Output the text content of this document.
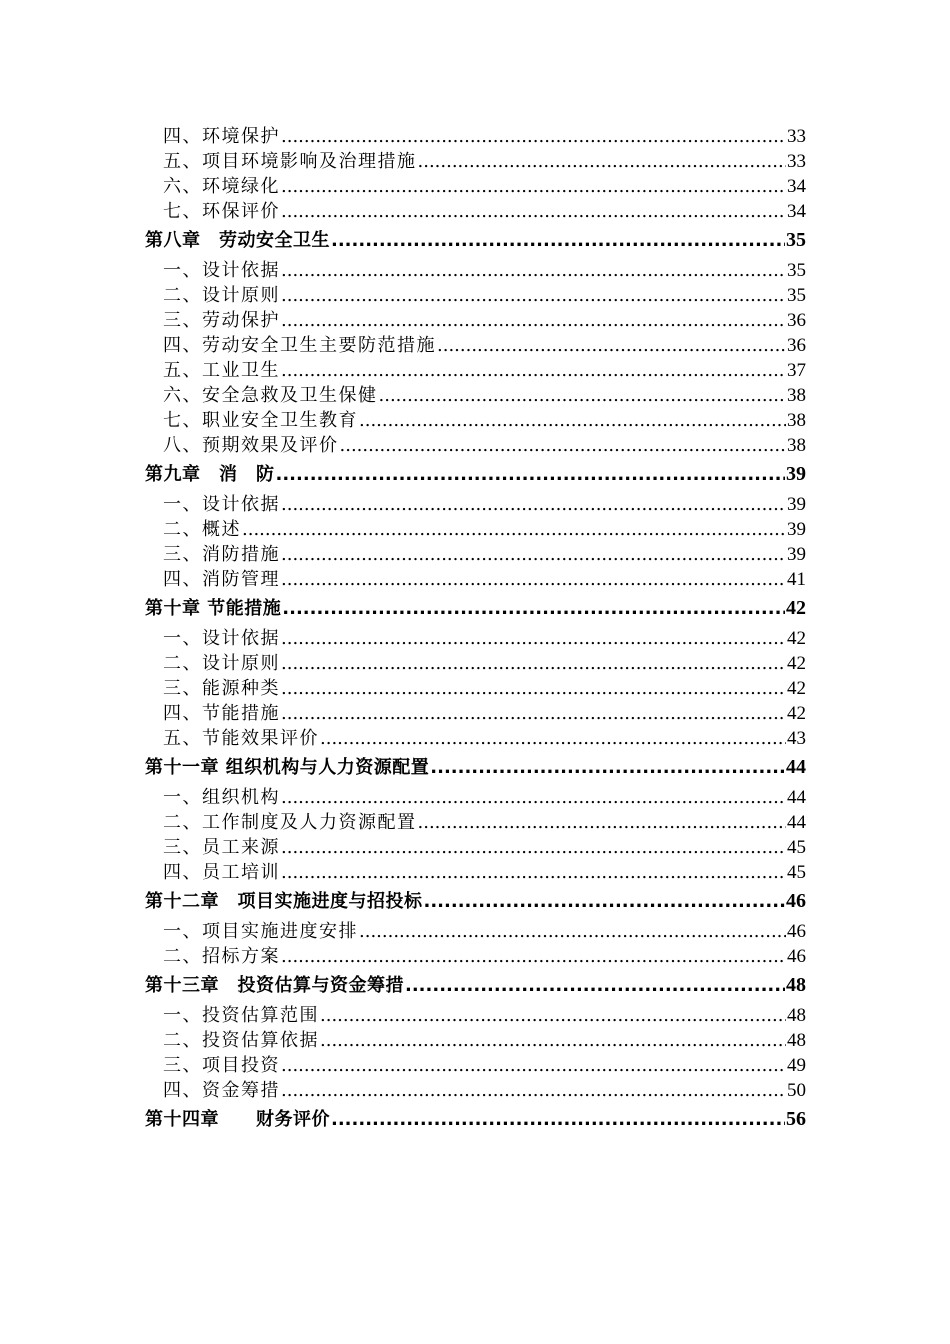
四、环境保护 .....	33
五、项目环境影响及治理措施 .....	33
六、环境绿化 .....	34
七、环保评价 .....	34
第八章　劳动安全卫生 .....	35
一、设计依据 .....	35
二、设计原则 .....	35
三、劳动保护 .....	36
四、劳动安全卫生主要防范措施 .....	36
五、工业卫生 .....	37
六、安全急救及卫生保健 .....	38
七、职业安全卫生教育 .....	38
八、预期效果及评价 .....	38
第九章　消　防 .....	39
一、设计依据 .....	39
二、概述 .....	39
三、消防措施 .....	39
四、消防管理 .....	41
第十章 节能措施 .....	42
一、设计依据 .....	42
二、设计原则 .....	42
三、能源种类 .....	42
四、节能措施 .....	42
五、节能效果评价 .....	43
第十一章 组织机构与人力资源配置 .....	44
一、组织机构 .....	44
二、工作制度及人力资源配置 .....	44
三、员工来源 .....	45
四、员工培训 .....	45
第十二章　项目实施进度与招投标 .....	46
一、项目实施进度安排 .....	46
二、招标方案 .....	46
第十三章　投资估算与资金筹措 .....	48
一、投资估算范围 .....	48
二、投资估算依据 .....	48
三、项目投资 .....	49
四、资金筹措 .....	50
第十四章　　财务评价 .....	56
